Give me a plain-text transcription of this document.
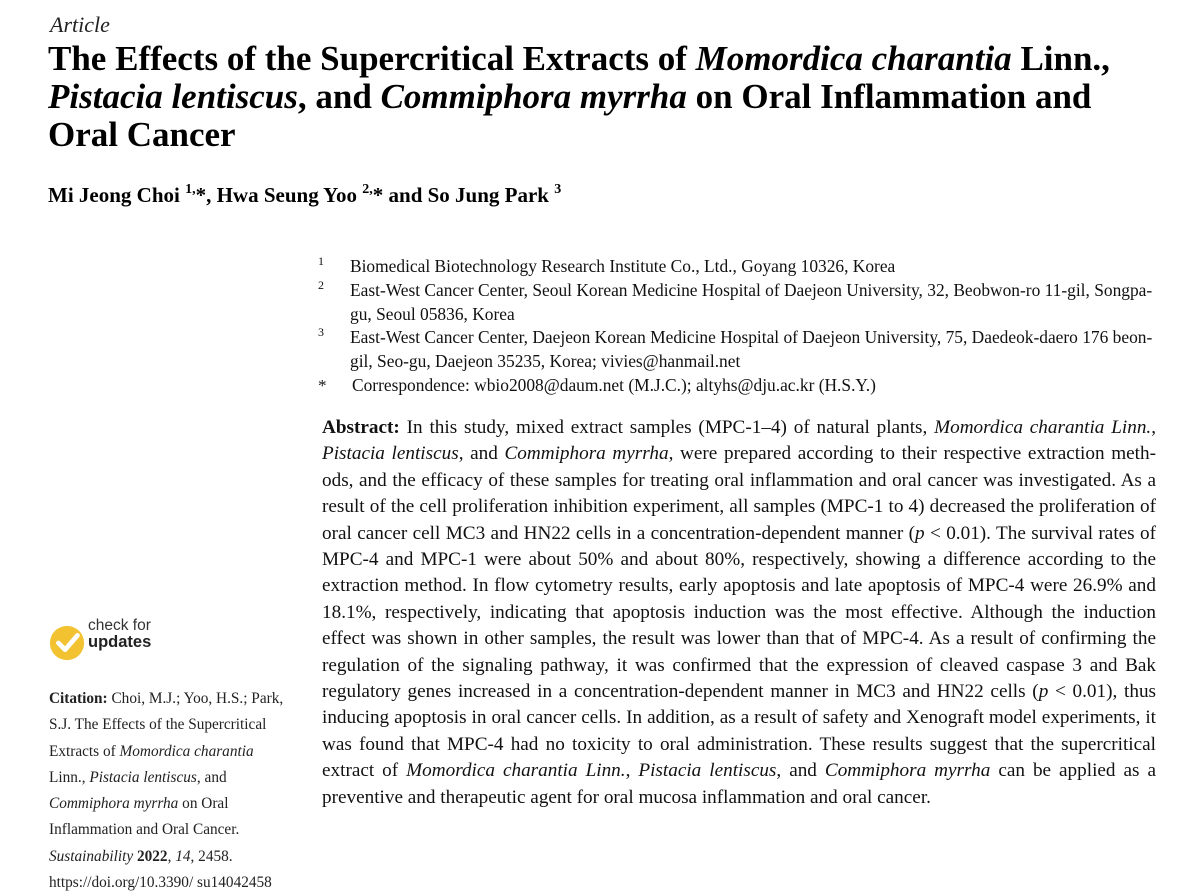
Article
The Effects of the Supercritical Extracts of Momordica charantia Linn., Pistacia lentiscus, and Commiphora myrrha on Oral Inflammation and Oral Cancer

Mi Jeong Choi $^{1,}$*, Hwa Seung Yoo $^{2,}$* and So Jung Park $^3$

1 Biomedical Biotechnology Research Institute Co., Ltd., Goyang 10326, Korea
2 East-West Cancer Center, Seoul Korean Medicine Hospital of Daejeon University, 32, Beobwon-ro 11-gil, Songpa-gu, Seoul 05836, Korea
3 East-West Cancer Center, Daejeon Korean Medicine Hospital of Daejeon University, 75, Daedeok-daero 176 beon-gil, Seo-gu, Daejeon 35235, Korea; vivies@hanmail.net
* Correspondence: wbio2008@daum.net (M.J.C.); altyhs@dju.ac.kr (H.S.Y.)

Abstract: In this study, mixed extract samples (MPC-1–4) of natural plants, Momordica charantia Linn., Pistacia lentiscus, and Commiphora myrrha, were prepared according to their respective extraction methods, and the efficacy of these samples for treating oral inflammation and oral cancer was investigated. As a result of the cell proliferation inhibition experiment, all samples (MPC-1 to 4) decreased the proliferation of oral cancer cell MC3 and HN22 cells in a concentration-dependent manner (p < 0.01). The survival rates of MPC-4 and MPC-1 were about 50% and about 80%, respectively, showing a difference according to the extraction method. In flow cytometry results, early apoptosis and late apoptosis of MPC-4 were 26.9% and 18.1%, respectively, indicating that apoptosis induction was the most effective. Although the induction effect was shown in other samples, the result was lower than that of MPC-4. As a result of confirming the regulation of the signaling pathway, it was confirmed that the expression of cleaved caspase 3 and Bak regulatory genes increased in a concentration-dependent manner in MC3 and HN22 cells (p < 0.01), thus inducing apoptosis in oral cancer cells. In addition, as a result of safety and Xenograft model experiments, it was found that MPC-4 had no toxicity to oral administration. These results suggest that the supercritical extract of Momordica charantia Linn., Pistacia lentiscus, and Commiphora myrrha can be applied as a preventive and therapeutic agent for oral mucosa inflammation and oral cancer.

check for
updates
Citation: Choi, M.J.; Yoo, H.S.; Park, S.J. The Effects of the Supercritical Extracts of Momordica charantia Linn., Pistacia lentiscus, and Commiphora myrrha on Oral Inflammation and Oral Cancer. Sustainability 2022, 14, 2458. https://doi.org/10.3390/ su14042458
